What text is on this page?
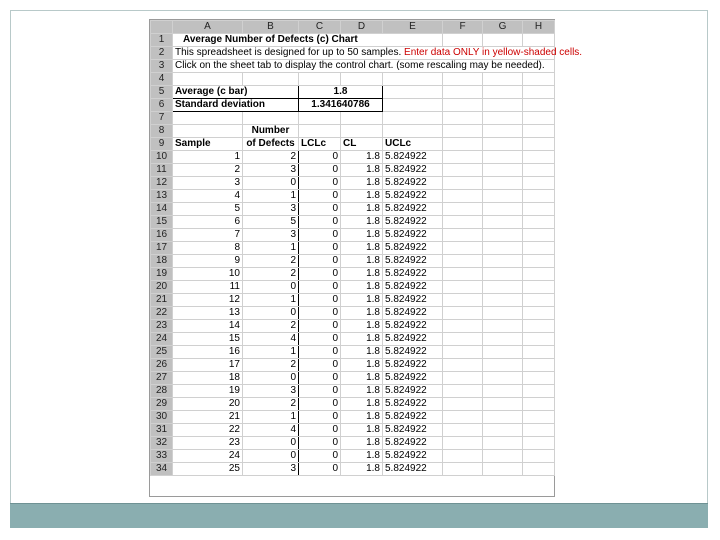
	A	B	C	D	E	F	G	H
1	Average Number of Defects (c) Chart							
2	This spreadsheet is designed for up to 50 samples. Enter data ONLY in yellow-shaded cells.							
3	Click on the sheet tab to display the control chart. (some rescaling may be needed).							
4								
5	Average (c bar)		1.8					
6	Standard deviation		1.341640786					
7								
8		Number						
9	Sample	of Defects	LCLc	CL	UCLc			
10	1	2	0	1.8	5.824922			
11	2	3	0	1.8	5.824922			
12	3	0	0	1.8	5.824922			
13	4	1	0	1.8	5.824922			
14	5	3	0	1.8	5.824922			
15	6	5	0	1.8	5.824922			
16	7	3	0	1.8	5.824922			
17	8	1	0	1.8	5.824922			
18	9	2	0	1.8	5.824922			
19	10	2	0	1.8	5.824922			
20	11	0	0	1.8	5.824922			
21	12	1	0	1.8	5.824922			
22	13	0	0	1.8	5.824922			
23	14	2	0	1.8	5.824922			
24	15	4	0	1.8	5.824922			
25	16	1	0	1.8	5.824922			
26	17	2	0	1.8	5.824922			
27	18	0	0	1.8	5.824922			
28	19	3	0	1.8	5.824922			
29	20	2	0	1.8	5.824922			
30	21	1	0	1.8	5.824922			
31	22	4	0	1.8	5.824922			
32	23	0	0	1.8	5.824922			
33	24	0	0	1.8	5.824922			
34	25	3	0	1.8	5.824922			
